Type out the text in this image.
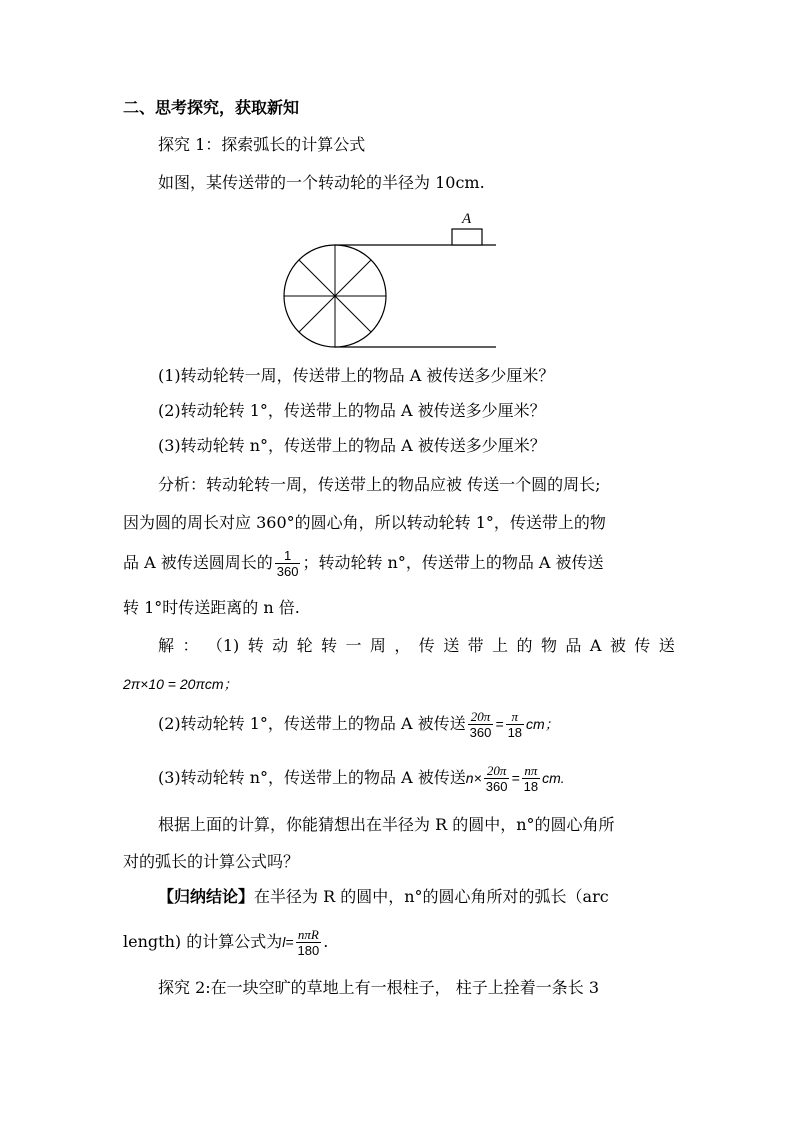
二、思考探究，获取新知
探究 1：探索弧长的计算公式
如图，某传送带的一个转动轮的半径为 10cm.
A
(1)转动轮转一周，传送带上的物品 A 被传送多少厘米？
(2)转动轮转 1°，传送带上的物品 A 被传送多少厘米？
(3)转动轮转 n°，传送带上的物品 A 被传送多少厘米？
分析：转动轮转一周，传送带上的物品应被 传送一个圆的周长;
因为圆的周长对应 360°的圆心角，所以转动轮转 1°，传送带上的物
品 A 被传送圆周长的 $\frac{1}{360}$ ；转动轮转 n°，传送带上的物品 A 被传送
转 1°时传送距离的 n 倍.
解 ： （1) 转 动 轮 转 一 周 ， 传 送 带 上 的 物 品 A 被 传 送
2π×10 = 20πcm；
(2)转动轮转 1°，传送带上的物品 A 被传送 $\frac{20\pi}{360} = \frac{\pi}{18}$ cm；
(3)转动轮转 n°，传送带上的物品 A 被传送$n\times \frac{20\pi}{360} = \frac{n\pi}{18}$ cm.
根据上面的计算，你能猜想出在半径为 R 的圆中，n°的圆心角所
对的弧长的计算公式吗？
【归纳结论】在半径为 R 的圆中，n°的圆心角所对的弧长（arc
length) 的计算公式为$l= \frac{\text{nπR}}{180}$ .
探究 2:在一块空旷的草地上有一根柱子， 柱子上拴着一条长 3
